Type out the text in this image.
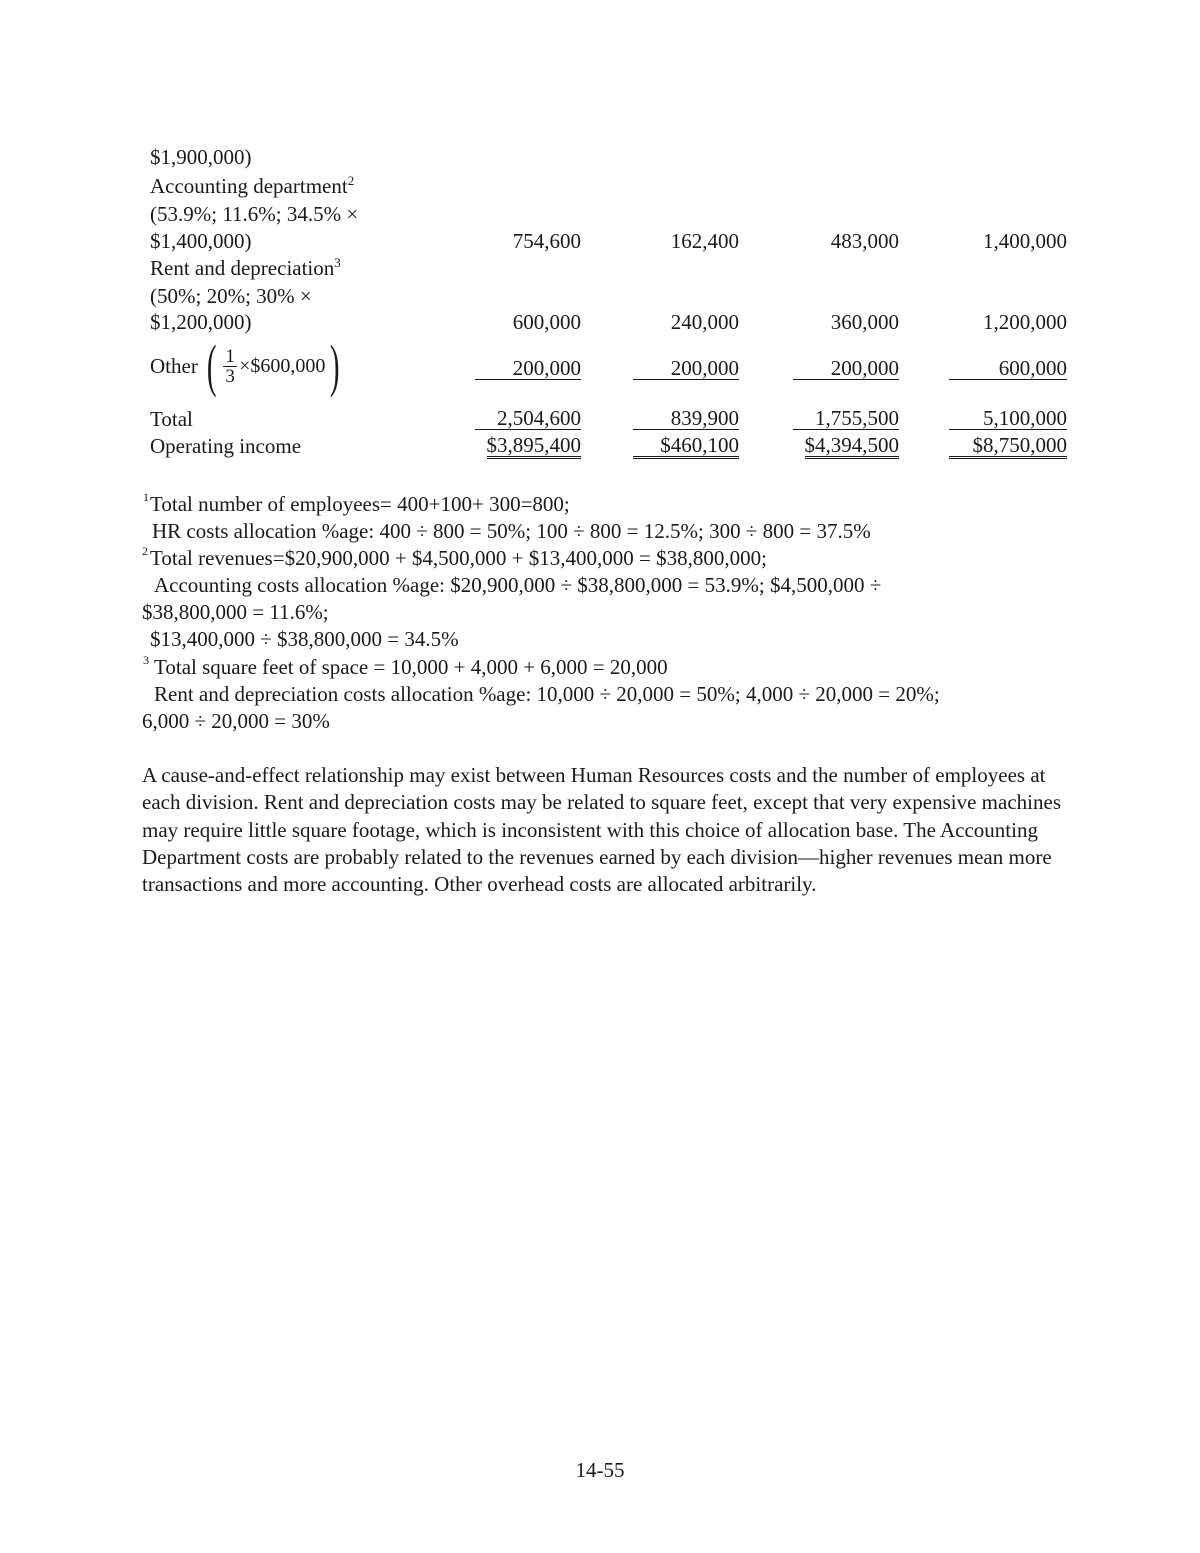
$1,900,000)
Accounting department$^2$
(53.9%; 11.6%; 34.5% ×
$1,400,000)	754,600	162,400	483,000	1,400,000
Rent and depreciation$^3$
(50%; 20%; 30% ×
$1,200,000)	600,000	240,000	360,000	1,200,000
Other ( $\frac{1}{3}$ ×$600,000 )	200,000	200,000	200,000	600,000
Total	2,504,600	839,900	1,755,500	5,100,000
Operating income	$3,895,400	$460,100	$4,394,500	$8,750,000
1 Total number of employees= 400+100+ 300=800;
HR costs allocation %age: 400 ÷ 800 = 50%; 100 ÷ 800 = 12.5%; 300 ÷ 800 = 37.5%
2 Total revenues=$20,900,000 + $4,500,000 + $13,400,000 = $38,800,000;
Accounting costs allocation %age: $20,900,000 ÷ $38,800,000 = 53.9%; $4,500,000 ÷
$38,800,000 = 11.6%;
$13,400,000 ÷ $38,800,000 = 34.5%
3 Total square feet of space = 10,000 + 4,000 + 6,000 = 20,000
Rent and depreciation costs allocation %age: 10,000 ÷ 20,000 = 50%; 4,000 ÷ 20,000 = 20%;
6,000 ÷ 20,000 = 30%
A cause-and-effect relationship may exist between Human Resources costs and the number of employees at each division. Rent and depreciation costs may be related to square feet, except that very expensive machines may require little square footage, which is inconsistent with this choice of allocation base. The Accounting Department costs are probably related to the revenues earned by each division—higher revenues mean more transactions and more accounting. Other overhead costs are allocated arbitrarily.
14-55
